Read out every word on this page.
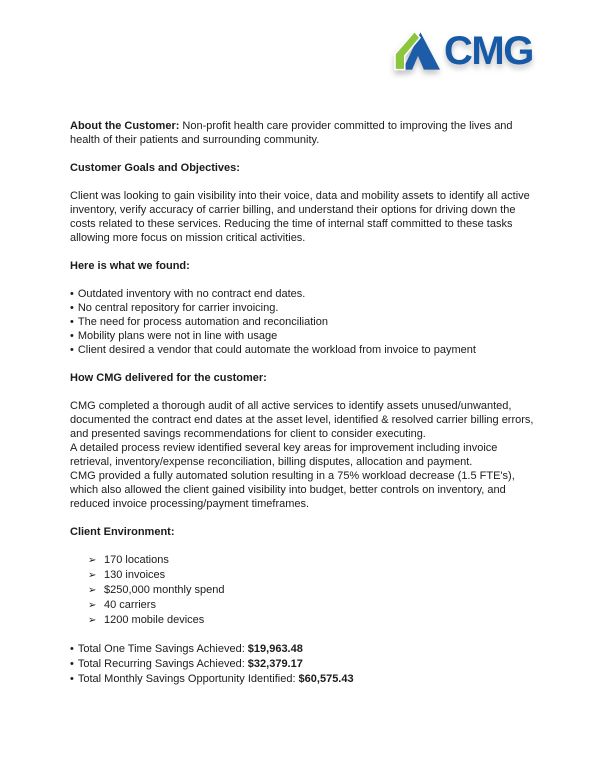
CMG

About the Customer: Non-profit health care provider committed to improving the lives and health of their patients and surrounding community.

Customer Goals and Objectives:

Client was looking to gain visibility into their voice, data and mobility assets to identify all active inventory, verify accuracy of carrier billing, and understand their options for driving down the costs related to these services. Reducing the time of internal staff committed to these tasks allowing more focus on mission critical activities.

Here is what we found:

• Outdated inventory with no contract end dates.
• No central repository for carrier invoicing.
• The need for process automation and reconciliation
• Mobility plans were not in line with usage
• Client desired a vendor that could automate the workload from invoice to payment

How CMG delivered for the customer:

CMG completed a thorough audit of all active services to identify assets unused/unwanted, documented the contract end dates at the asset level, identified & resolved carrier billing errors, and presented savings recommendations for client to consider executing.
A detailed process review identified several key areas for improvement including invoice retrieval, inventory/expense reconciliation, billing disputes, allocation and payment.
CMG provided a fully automated solution resulting in a 75% workload decrease (1.5 FTE's), which also allowed the client gained visibility into budget, better controls on inventory, and reduced invoice processing/payment timeframes.

Client Environment:

➢ 170 locations
➢ 130 invoices
➢ $250,000 monthly spend
➢ 40 carriers
➢ 1200 mobile devices
• Total One Time Savings Achieved: $19,963.48
• Total Recurring Savings Achieved: $32,379.17
• Total Monthly Savings Opportunity Identified: $60,575.43
